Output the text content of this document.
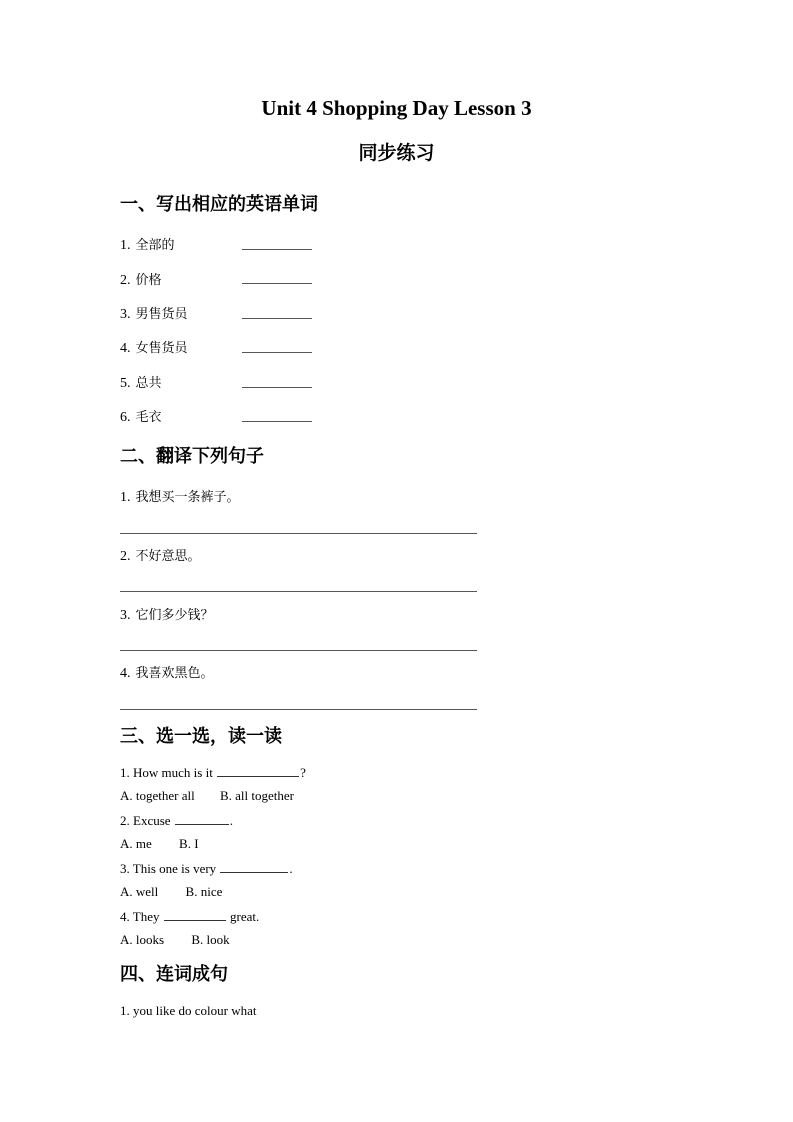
Unit 4 Shopping Day Lesson 3
同步练习
一、写出相应的英语单词
1. 全部的
2. 价格
3. 男售货员
4. 女售货员
5. 总共
6. 毛衣
二、翻译下列句子
1. 我想买一条裤子。
2. 不好意思。
3. 它们多少钱？
4. 我喜欢黑色。
三、选一选，读一读
1. How much is it	?
A. together all B. all together
2. Excuse	.
A. me B. I
3. This one is very	.
A. well B. nice
4. They	great.
A. looks B. look
四、连词成句
1. you like do colour what
